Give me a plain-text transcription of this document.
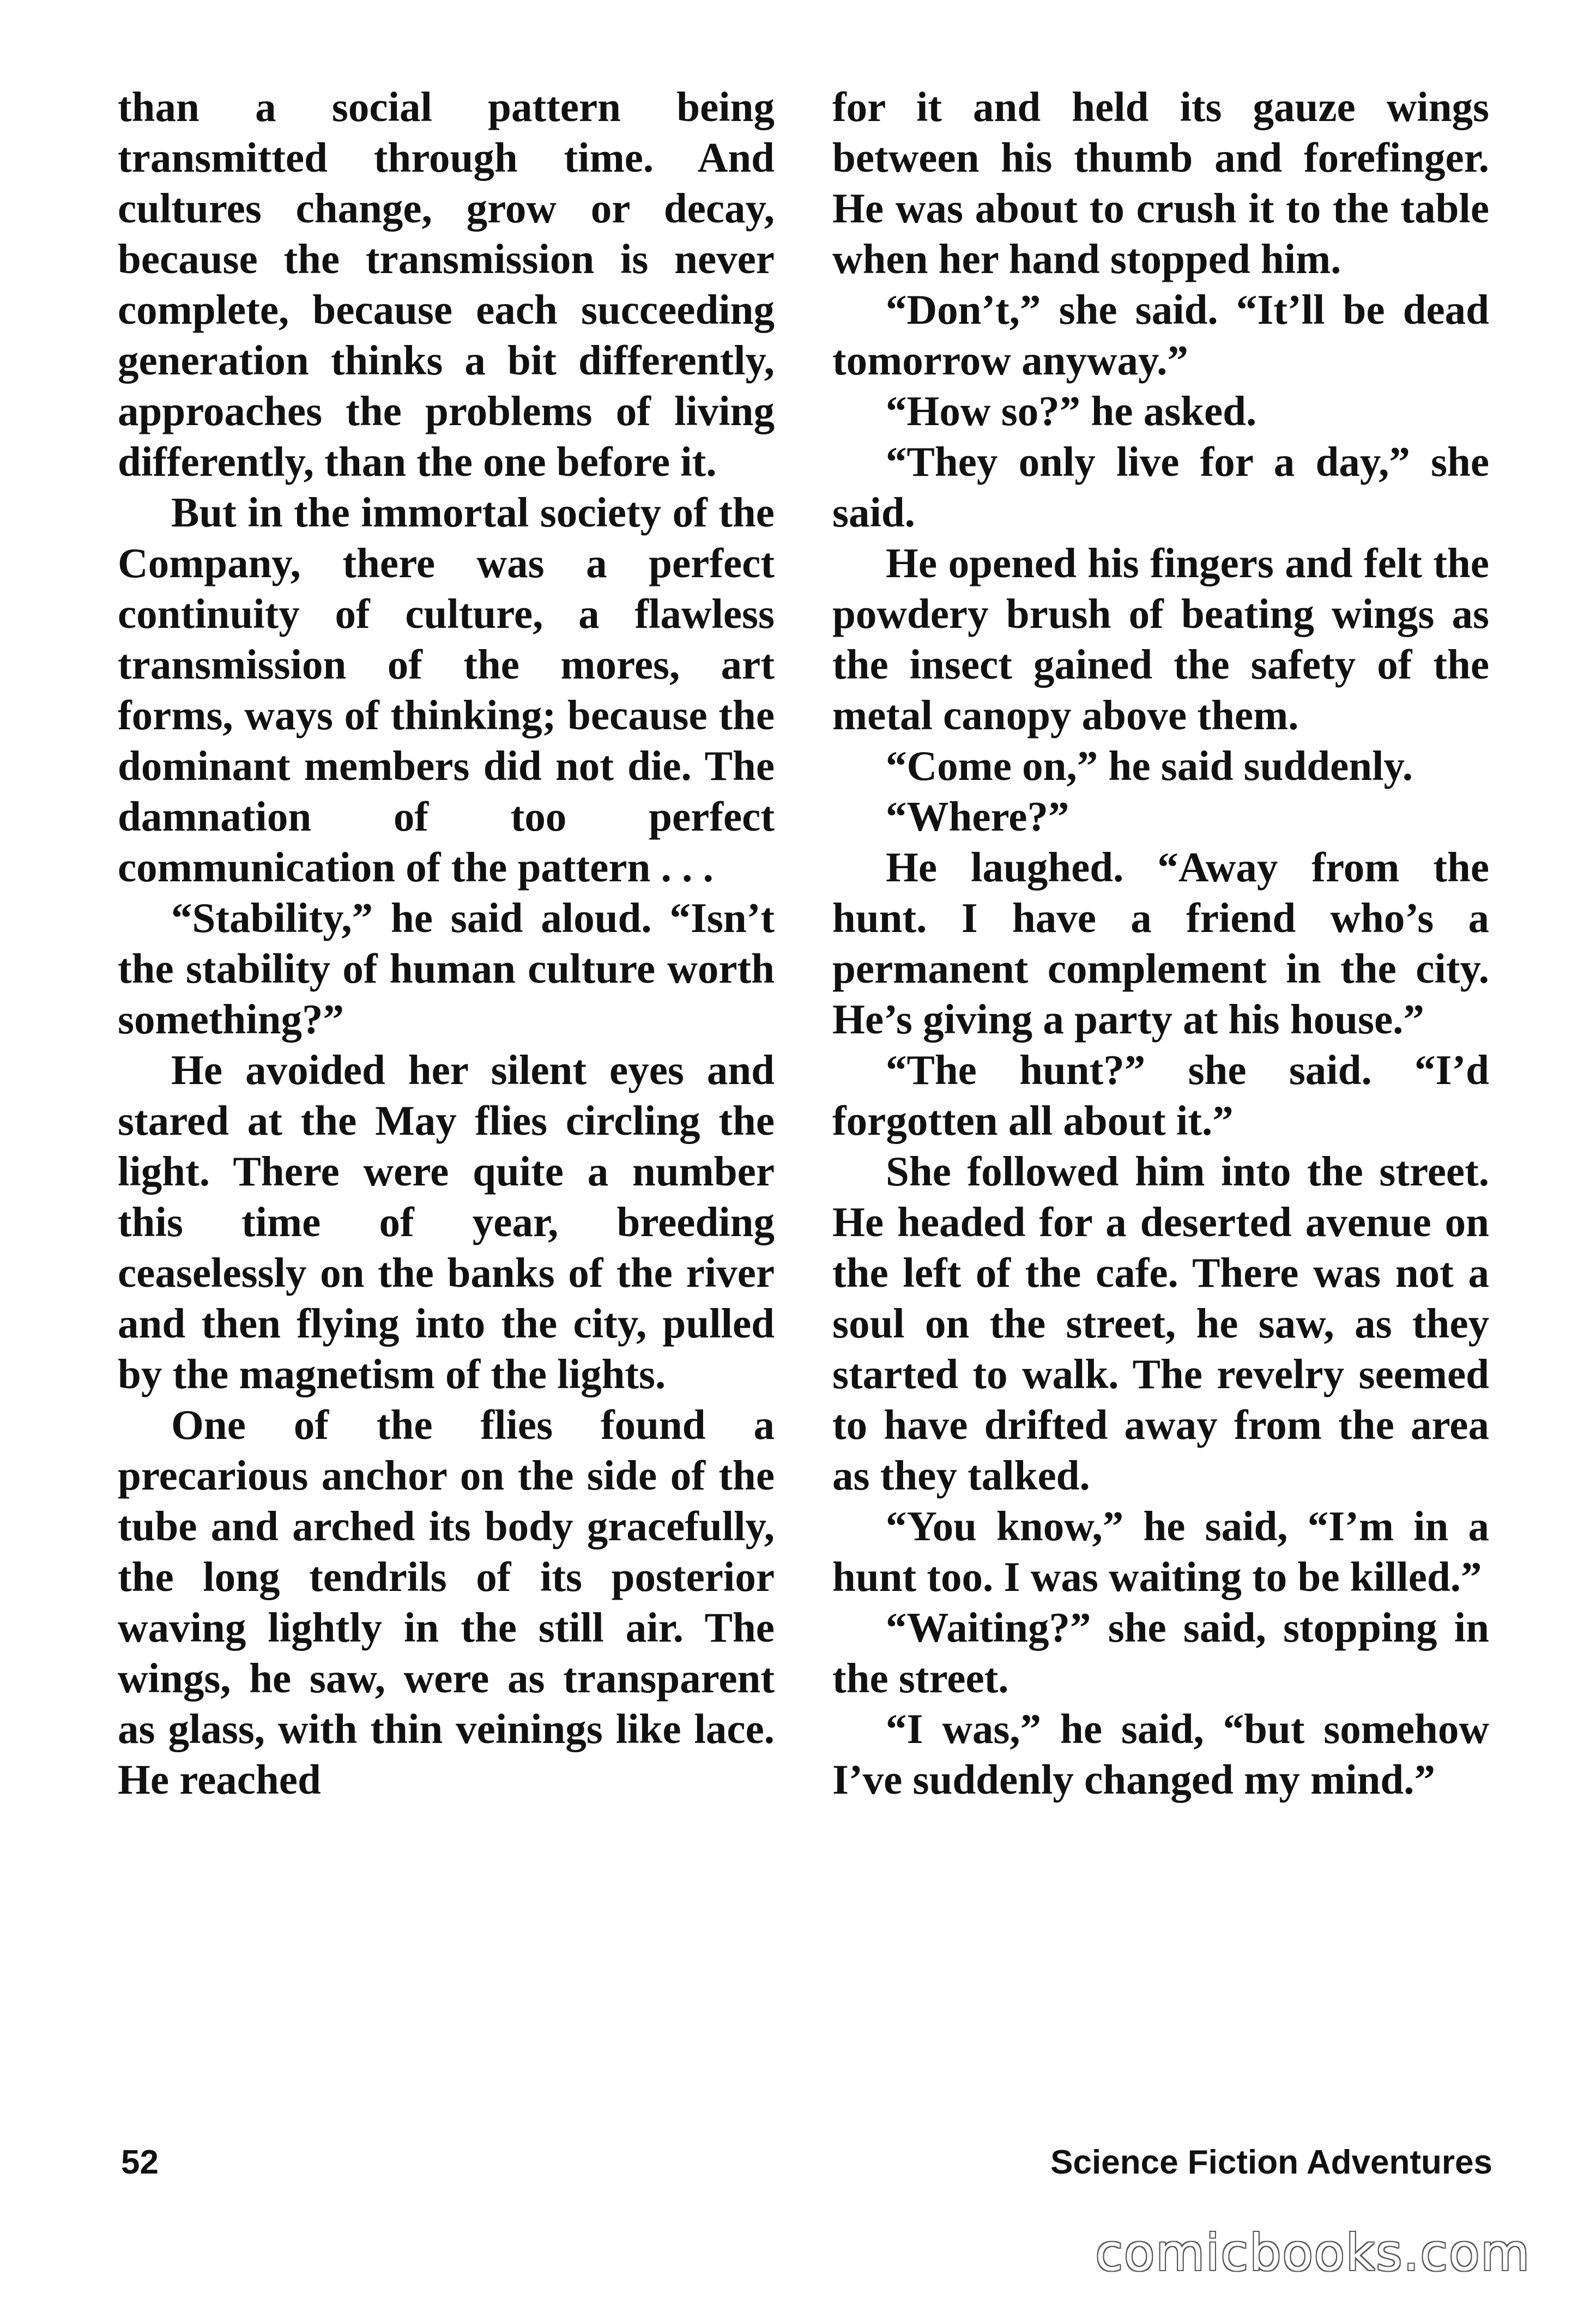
than a social pattern being transmitted through time. And cultures change, grow or decay, because the transmission is never complete, because each succeeding generation thinks a bit differently, approaches the problems of living differently, than the one before it.

But in the immortal society of the Company, there was a perfect continuity of culture, a flawless transmission of the mores, art forms, ways of thinking; because the dominant members did not die. The damnation of too perfect communication of the pattern . . .

“Stability,” he said aloud. “Isn’t the stability of human culture worth something?”

He avoided her silent eyes and stared at the May flies circling the light. There were quite a number this time of year, breeding ceaselessly on the banks of the river and then flying into the city, pulled by the magnetism of the lights.

One of the flies found a precarious anchor on the side of the tube and arched its body gracefully, the long tendrils of its posterior waving lightly in the still air. The wings, he saw, were as transparent as glass, with thin veinings like lace. He reached

for it and held its gauze wings between his thumb and forefinger. He was about to crush it to the table when her hand stopped him.

“Don’t,” she said. “It’ll be dead tomorrow anyway.”

“How so?” he asked.

“They only live for a day,” she said.

He opened his fingers and felt the powdery brush of beating wings as the insect gained the safety of the metal canopy above them.

“Come on,” he said suddenly.

“Where?”

He laughed. “Away from the hunt. I have a friend who’s a permanent complement in the city. He’s giving a party at his house.”

“The hunt?” she said. “I’d forgotten all about it.”

She followed him into the street. He headed for a deserted avenue on the left of the cafe. There was not a soul on the street, he saw, as they started to walk. The revelry seemed to have drifted away from the area as they talked.

“You know,” he said, “I’m in a hunt too. I was waiting to be killed.”

“Waiting?” she said, stopping in the street.

“I was,” he said, “but somehow I’ve suddenly changed my mind.”

52	Science Fiction Adventures
comicbooks.com
